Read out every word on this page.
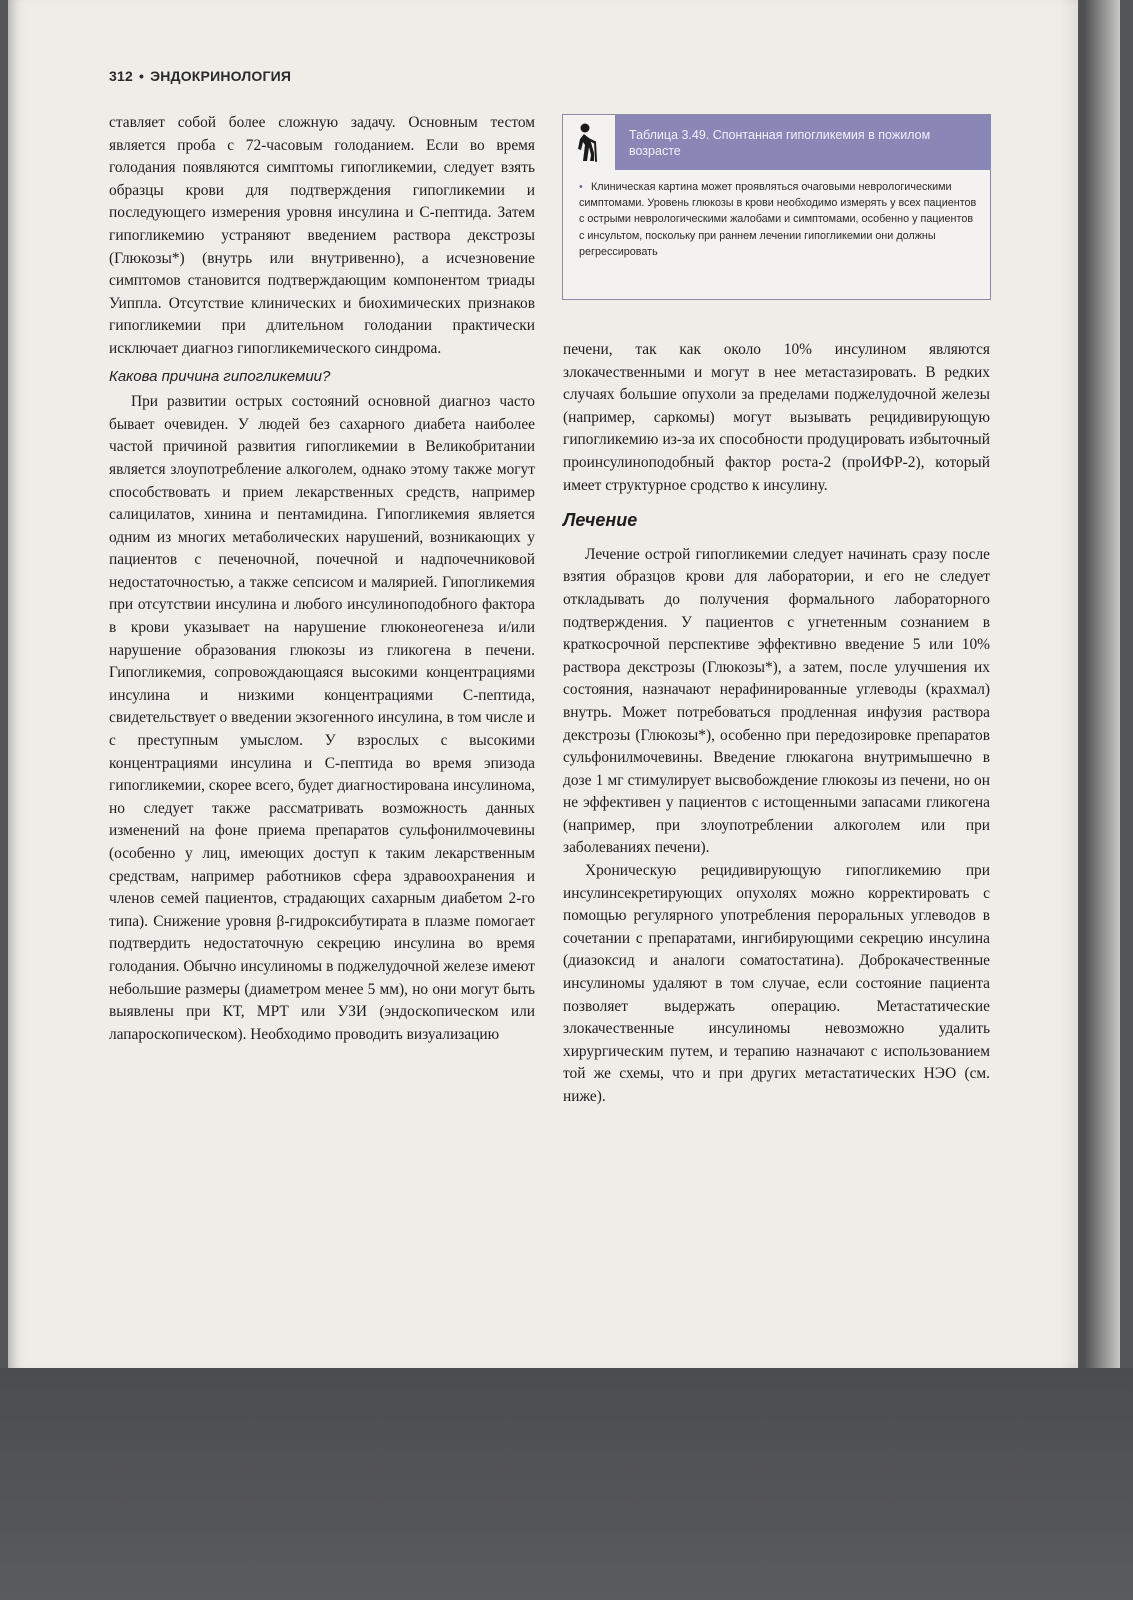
312 • ЭНДОКРИНОЛОГИЯ

ставляет собой более сложную задачу. Основным тестом является проба с 72-часовым голоданием. Если во время голодания появляются симптомы гипогликемии, следует взять образцы крови для подтверждения гипогликемии и последующего измерения уровня инсулина и С-пептида. Затем гипогликемию устраняют введением раствора декстрозы (Глюкозы*) (внутрь или внутривенно), а исчезновение симптомов становится подтверждающим компонентом триады Уиппла. Отсутствие клинических и биохимических признаков гипогликемии при длительном голодании практически исключает диагноз гипогликемического синдрома.

Какова причина гипогликемии?

При развитии острых состояний основной диагноз часто бывает очевиден. У людей без сахарного диабета наиболее частой причиной развития гипогликемии в Великобритании является злоупотребление алкоголем, однако этому также могут способствовать и прием лекарственных средств, например салицилатов, хинина и пентамидина. Гипогликемия является одним из многих метаболических нарушений, возникающих у пациентов с печеночной, почечной и надпочечниковой недостаточностью, а также сепсисом и малярией. Гипогликемия при отсутствии инсулина и любого инсулиноподобного фактора в крови указывает на нарушение глюконеогенеза и/или нарушение образования глюкозы из гликогена в печени. Гипогликемия, сопровождающаяся высокими концентрациями инсулина и низкими концентрациями С-пептида, свидетельствует о введении экзогенного инсулина, в том числе и с преступным умыслом. У взрослых с высокими концентрациями инсулина и С-пептида во время эпизода гипогликемии, скорее всего, будет диагностирована инсулинома, но следует также рассматривать возможность данных изменений на фоне приема препаратов сульфонилмочевины (особенно у лиц, имеющих доступ к таким лекарственным средствам, например работников сфера здравоохранения и членов семей пациентов, страдающих сахарным диабетом 2-го типа). Снижение уровня β-гидроксибутирата в плазме помогает подтвердить недостаточную секрецию инсулина во время голодания. Обычно инсулиномы в поджелудочной железе имеют небольшие размеры (диаметром менее 5 мм), но они могут быть выявлены при КТ, МРТ или УЗИ (эндоскопическом или лапароскопическом). Необходимо проводить визуализацию

Таблица 3.49. Спонтанная гипогликемия в пожилом возрасте
• Клиническая картина может проявляться очаговыми неврологическими симптомами. Уровень глюкозы в крови необходимо измерять у всех пациентов с острыми неврологическими жалобами и симптомами, особенно у пациентов с инсультом, поскольку при раннем лечении гипогликемии они должны регрессировать

печени, так как около 10% инсулином являются злокачественными и могут в нее метастазировать. В редких случаях большие опухоли за пределами поджелудочной железы (например, саркомы) могут вызывать рецидивирующую гипогликемию из-за их способности продуцировать избыточный проинсулиноподобный фактор роста-2 (проИФР-2), который имеет структурное сродство к инсулину.

Лечение

Лечение острой гипогликемии следует начинать сразу после взятия образцов крови для лаборатории, и его не следует откладывать до получения формального лабораторного подтверждения. У пациентов с угнетенным сознанием в краткосрочной перспективе эффективно введение 5 или 10% раствора декстрозы (Глюкозы*), а затем, после улучшения их состояния, назначают нерафинированные углеводы (крахмал) внутрь. Может потребоваться продленная инфузия раствора декстрозы (Глюкозы*), особенно при передозировке препаратов сульфонилмочевины. Введение глюкагона внутримышечно в дозе 1 мг стимулирует высвобождение глюкозы из печени, но он не эффективен у пациентов с истощенными запасами гликогена (например, при злоупотреблении алкоголем или при заболеваниях печени).

Хроническую рецидивирующую гипогликемию при инсулинсекретирующих опухолях можно корректировать с помощью регулярного употребления пероральных углеводов в сочетании с препаратами, ингибирующими секрецию инсулина (диазоксид и аналоги соматостатина). Доброкачественные инсулиномы удаляют в том случае, если состояние пациента позволяет выдержать операцию. Метастатические злокачественные инсулиномы невозможно удалить хирургическим путем, и терапию назначают с использованием той же схемы, что и при других метастатических НЭО (см. ниже).
